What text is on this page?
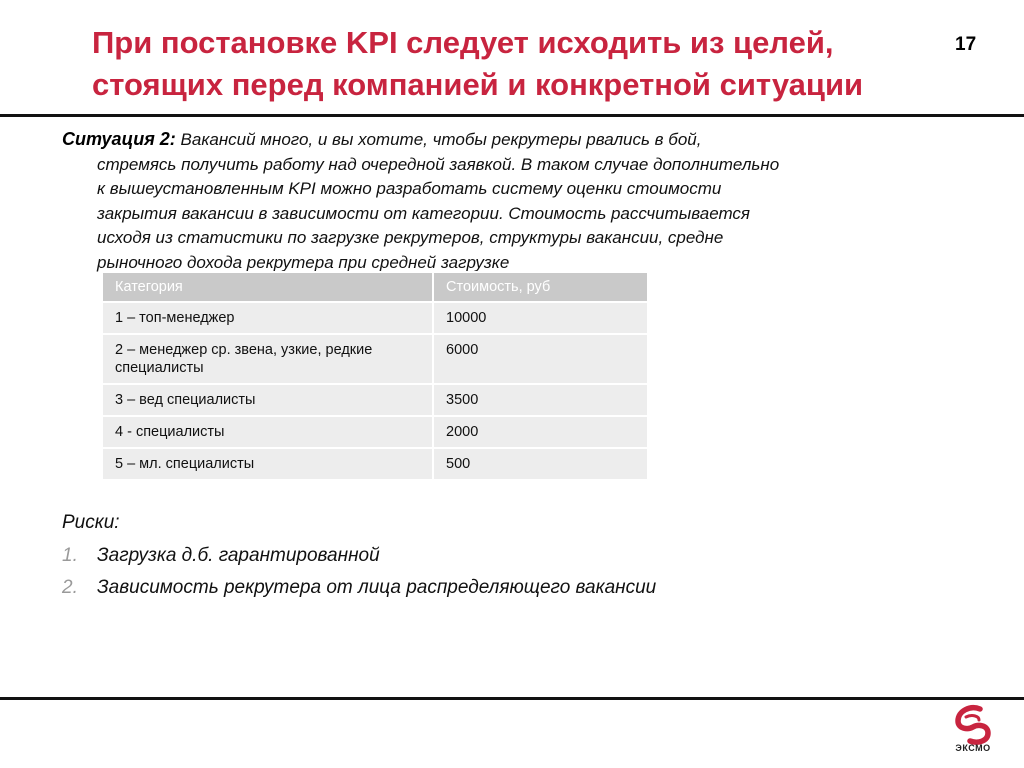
При постановке KPI следует исходить из целей,
стоящих перед компанией и конкретной ситуации
17
Ситуация 2: Вакансий много, и вы хотите, чтобы рекрутеры рвались в бой,
стремясь получить работу над очередной заявкой. В таком случае дополнительно
к вышеустановленным KPI можно разработать систему оценки стоимости
закрытия вакансии в зависимости от категории. Стоимость рассчитывается
исходя из статистики по загрузке рекрутеров, структуры вакансии, средне
рыночного дохода рекрутера при средней загрузке
Категория	Стоимость, руб
1 – топ-менеджер	10000
2 – менеджер ср. звена, узкие, редкие специалисты	6000
3 – вед специалисты	3500
4 - специалисты	2000
5 – мл. специалисты	500
Риски:
1.	Загрузка д.б. гарантированной
2.	Зависимость рекрутера от лица распределяющего вакансии
ЭКСМО
